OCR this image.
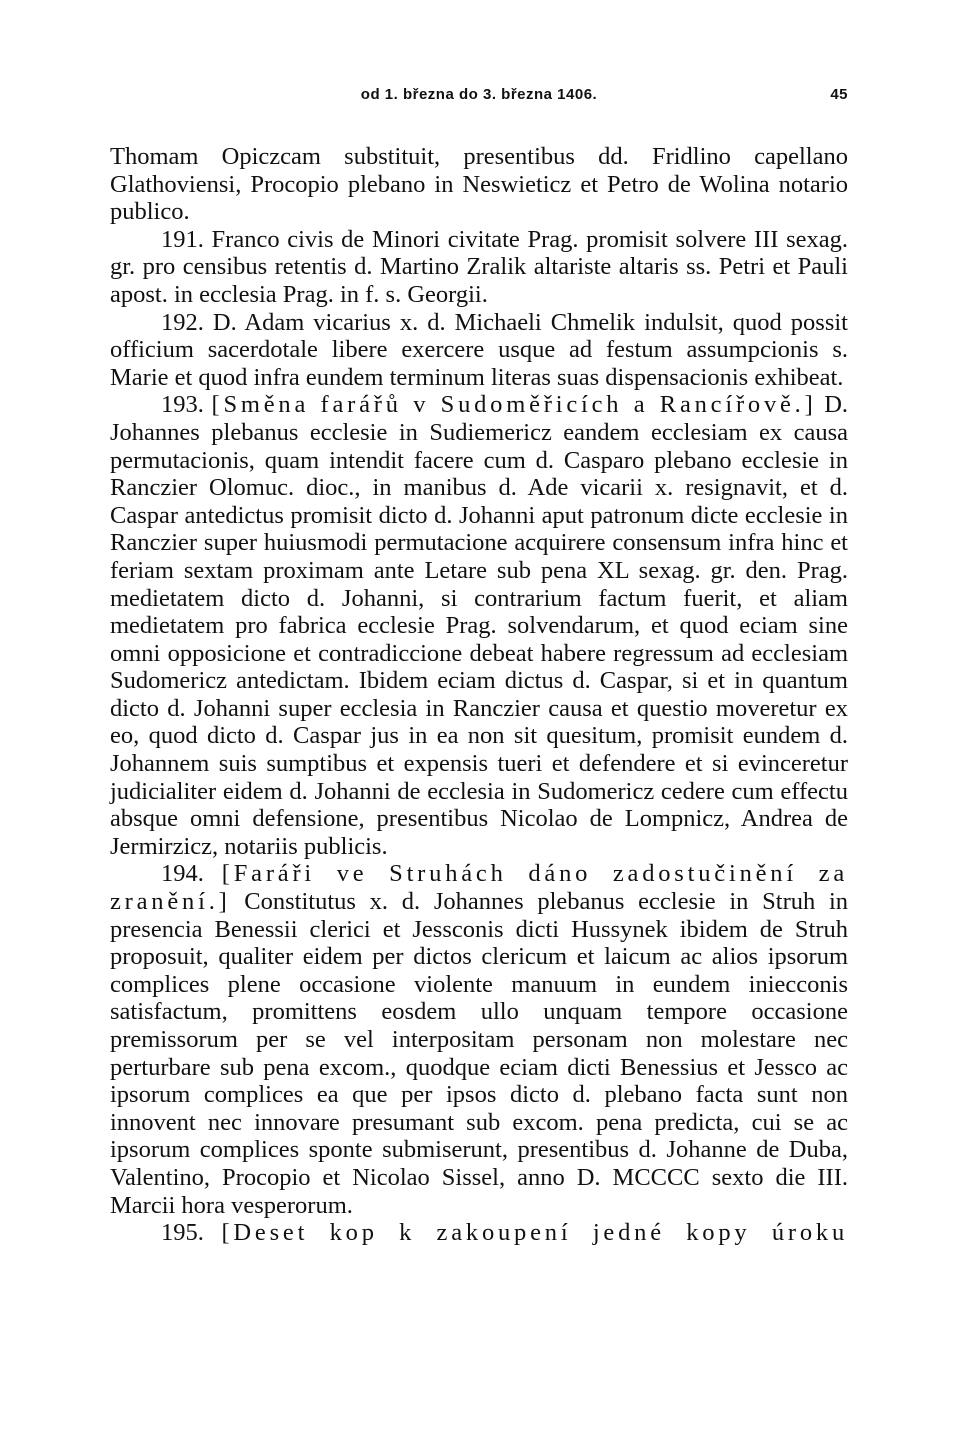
od 1. března do 3. března 1406.	45

Thomam Opiczcam substituit, presentibus dd. Fridlino capellano Glathoviensi, Procopio plebano in Neswieticz et Petro de Wolina notario publico.

191. Franco civis de Minori civitate Prag. promisit solvere III sexag. gr. pro censibus retentis d. Martino Zralik altariste altaris ss. Petri et Pauli apost. in ecclesia Prag. in f. s. Georgii.

192. D. Adam vicarius x. d. Michaeli Chmelik indulsit, quod possit officium sacerdotale libere exercere usque ad festum assumpcionis s. Marie et quod infra eundem terminum literas suas dispensacionis exhibeat.

193. [Směna farářů v Sudoměřicích a Rancířově.] D. Johannes plebanus ecclesie in Sudiemericz eandem ecclesiam ex causa permutacionis, quam intendit facere cum d. Casparo plebano ecclesie in Ranczier Olomuc. dioc., in manibus d. Ade vicarii x. resignavit, et d. Caspar antedictus promisit dicto d. Johanni aput patronum dicte ecclesie in Ranczier super huiusmodi permutacione acquirere consensum infra hinc et feriam sextam proximam ante Letare sub pena XL sexag. gr. den. Prag. medietatem dicto d. Johanni, si contrarium factum fuerit, et aliam medietatem pro fabrica ecclesie Prag. solvendarum, et quod eciam sine omni opposicione et contradiccione debeat habere regressum ad ecclesiam Sudomericz antedictam. Ibidem eciam dictus d. Caspar, si et in quantum dicto d. Johanni super ecclesia in Ranczier causa et questio moveretur ex eo, quod dicto d. Caspar jus in ea non sit quesitum, promisit eundem d. Johannem suis sumptibus et expensis tueri et defendere et si evinceretur judicialiter eidem d. Johanni de ecclesia in Sudomericz cedere cum effectu absque omni defensione, presentibus Nicolao de Lompnicz, Andrea de Jermirzicz, notariis publicis.

194. [Faráři ve Struhách dáno zadostučinění za zranění.] Constitutus x. d. Johannes plebanus ecclesie in Struh in presencia Benessii clerici et Jessconis dicti Hussynek ibidem de Struh proposuit, qualiter eidem per dictos clericum et laicum ac alios ipsorum complices plene occasione violente manuum in eundem iniecconis satisfactum, promittens eosdem ullo unquam tempore occasione premissorum per se vel interpositam personam non molestare nec perturbare sub pena excom., quodque eciam dicti Benessius et Jessco ac ipsorum complices ea que per ipsos dicto d. plebano facta sunt non innovent nec innovare presumant sub excom. pena predicta, cui se ac ipsorum complices sponte submiserunt, presentibus d. Johanne de Duba, Valentino, Procopio et Nicolao Sissel, anno D. MCCCC sexto die III. Marcii hora vesperorum.

195. [Deset kop k zakoupení jedné kopy úroku
